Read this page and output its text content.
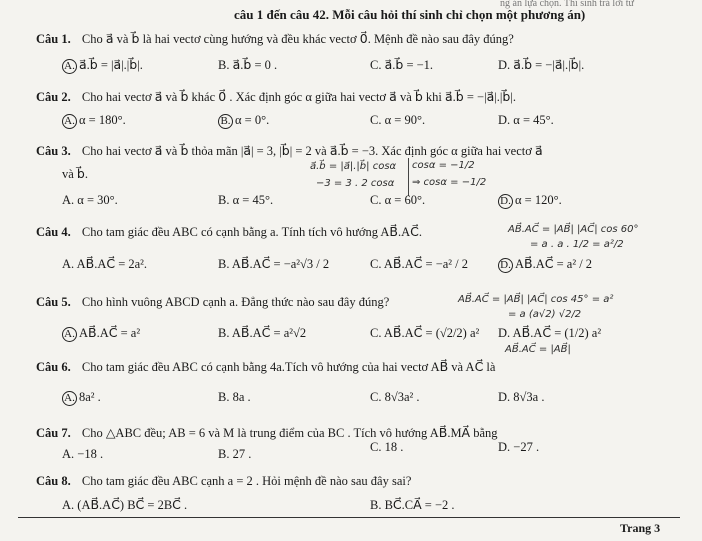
ng án lựa chọn. Thí sinh trả lời từ
câu 1 đến câu 42. Mỗi câu hỏi thí sinh chỉ chọn một phương án)
Câu 1. Cho a⃗ và b⃗ là hai vectơ cùng hướng và đều khác vectơ 0⃗. Mệnh đề nào sau đây đúng?
A. a⃗.b⃗ = |a⃗|.|b⃗|.	B. a⃗.b⃗ = 0 .	C. a⃗.b⃗ = −1.	D. a⃗.b⃗ = −|a⃗|.|b⃗|.
Câu 2. Cho hai vectơ a⃗ và b⃗ khác 0⃗ . Xác định góc α giữa hai vectơ a⃗ và b⃗ khi a⃗.b⃗ = −|a⃗|.|b⃗|.
A. α = 180°.	B. α = 0°.	C. α = 90°.	D. α = 45°.
Câu 3. Cho hai vectơ a⃗ và b⃗ thỏa mãn |a⃗| = 3, |b⃗| = 2 và a⃗.b⃗ = −3. Xác định góc α giữa hai vectơ a⃗
và b⃗.
a⃗.b⃗ = |a⃗|.|b⃗| cosα
−3 = 3 . 2 cosα
cosα = −1/2
⇒ cosα = −1/2
A. α = 30°.	B. α = 45°.	C. α = 60°.	D. α = 120°.
Câu 4. Cho tam giác đều ABC có cạnh bằng a. Tính tích vô hướng AB⃗.AC⃗.	AB⃗.AC⃗ = |AB⃗| |AC⃗| cos 60°
= a . a . 1/2 = a²/2
A. AB⃗.AC⃗ = 2a².	B. AB⃗.AC⃗ = −a²√3 / 2	C. AB⃗.AC⃗ = −a² / 2	D. AB⃗.AC⃗ = a² / 2
Câu 5. Cho hình vuông ABCD cạnh a. Đẳng thức nào sau đây đúng?	AB⃗.AC⃗ = |AB⃗| |AC⃗| cos 45° = a²
= a (a√2) √2/2
A. AB⃗.AC⃗ = a²	B. AB⃗.AC⃗ = a²√2	C. AB⃗.AC⃗ = (√2/2) a² D. AB⃗.AC⃗ = (1/2) a²
AB⃗.AC⃗ = |AB⃗|
Câu 6. Cho tam giác đều ABC có cạnh bằng 4a.Tích vô hướng của hai vectơ AB⃗ và AC⃗ là
A. 8a² .	B. 8a .	C. 8√3a² .	D. 8√3a .
Câu 7. Cho △ABC đều; AB = 6 và M là trung điểm của BC . Tích vô hướng AB⃗.MA⃗ bằng
A. −18 .	B. 27 .	C. 18 .	D. −27 .
Câu 8. Cho tam giác đều ABC cạnh a = 2 . Hỏi mệnh đề nào sau đây sai?
A. (AB⃗.AC⃗) BC⃗ = 2BC⃗ .	B. BC⃗.CA⃗ = −2 .
Trang 3
